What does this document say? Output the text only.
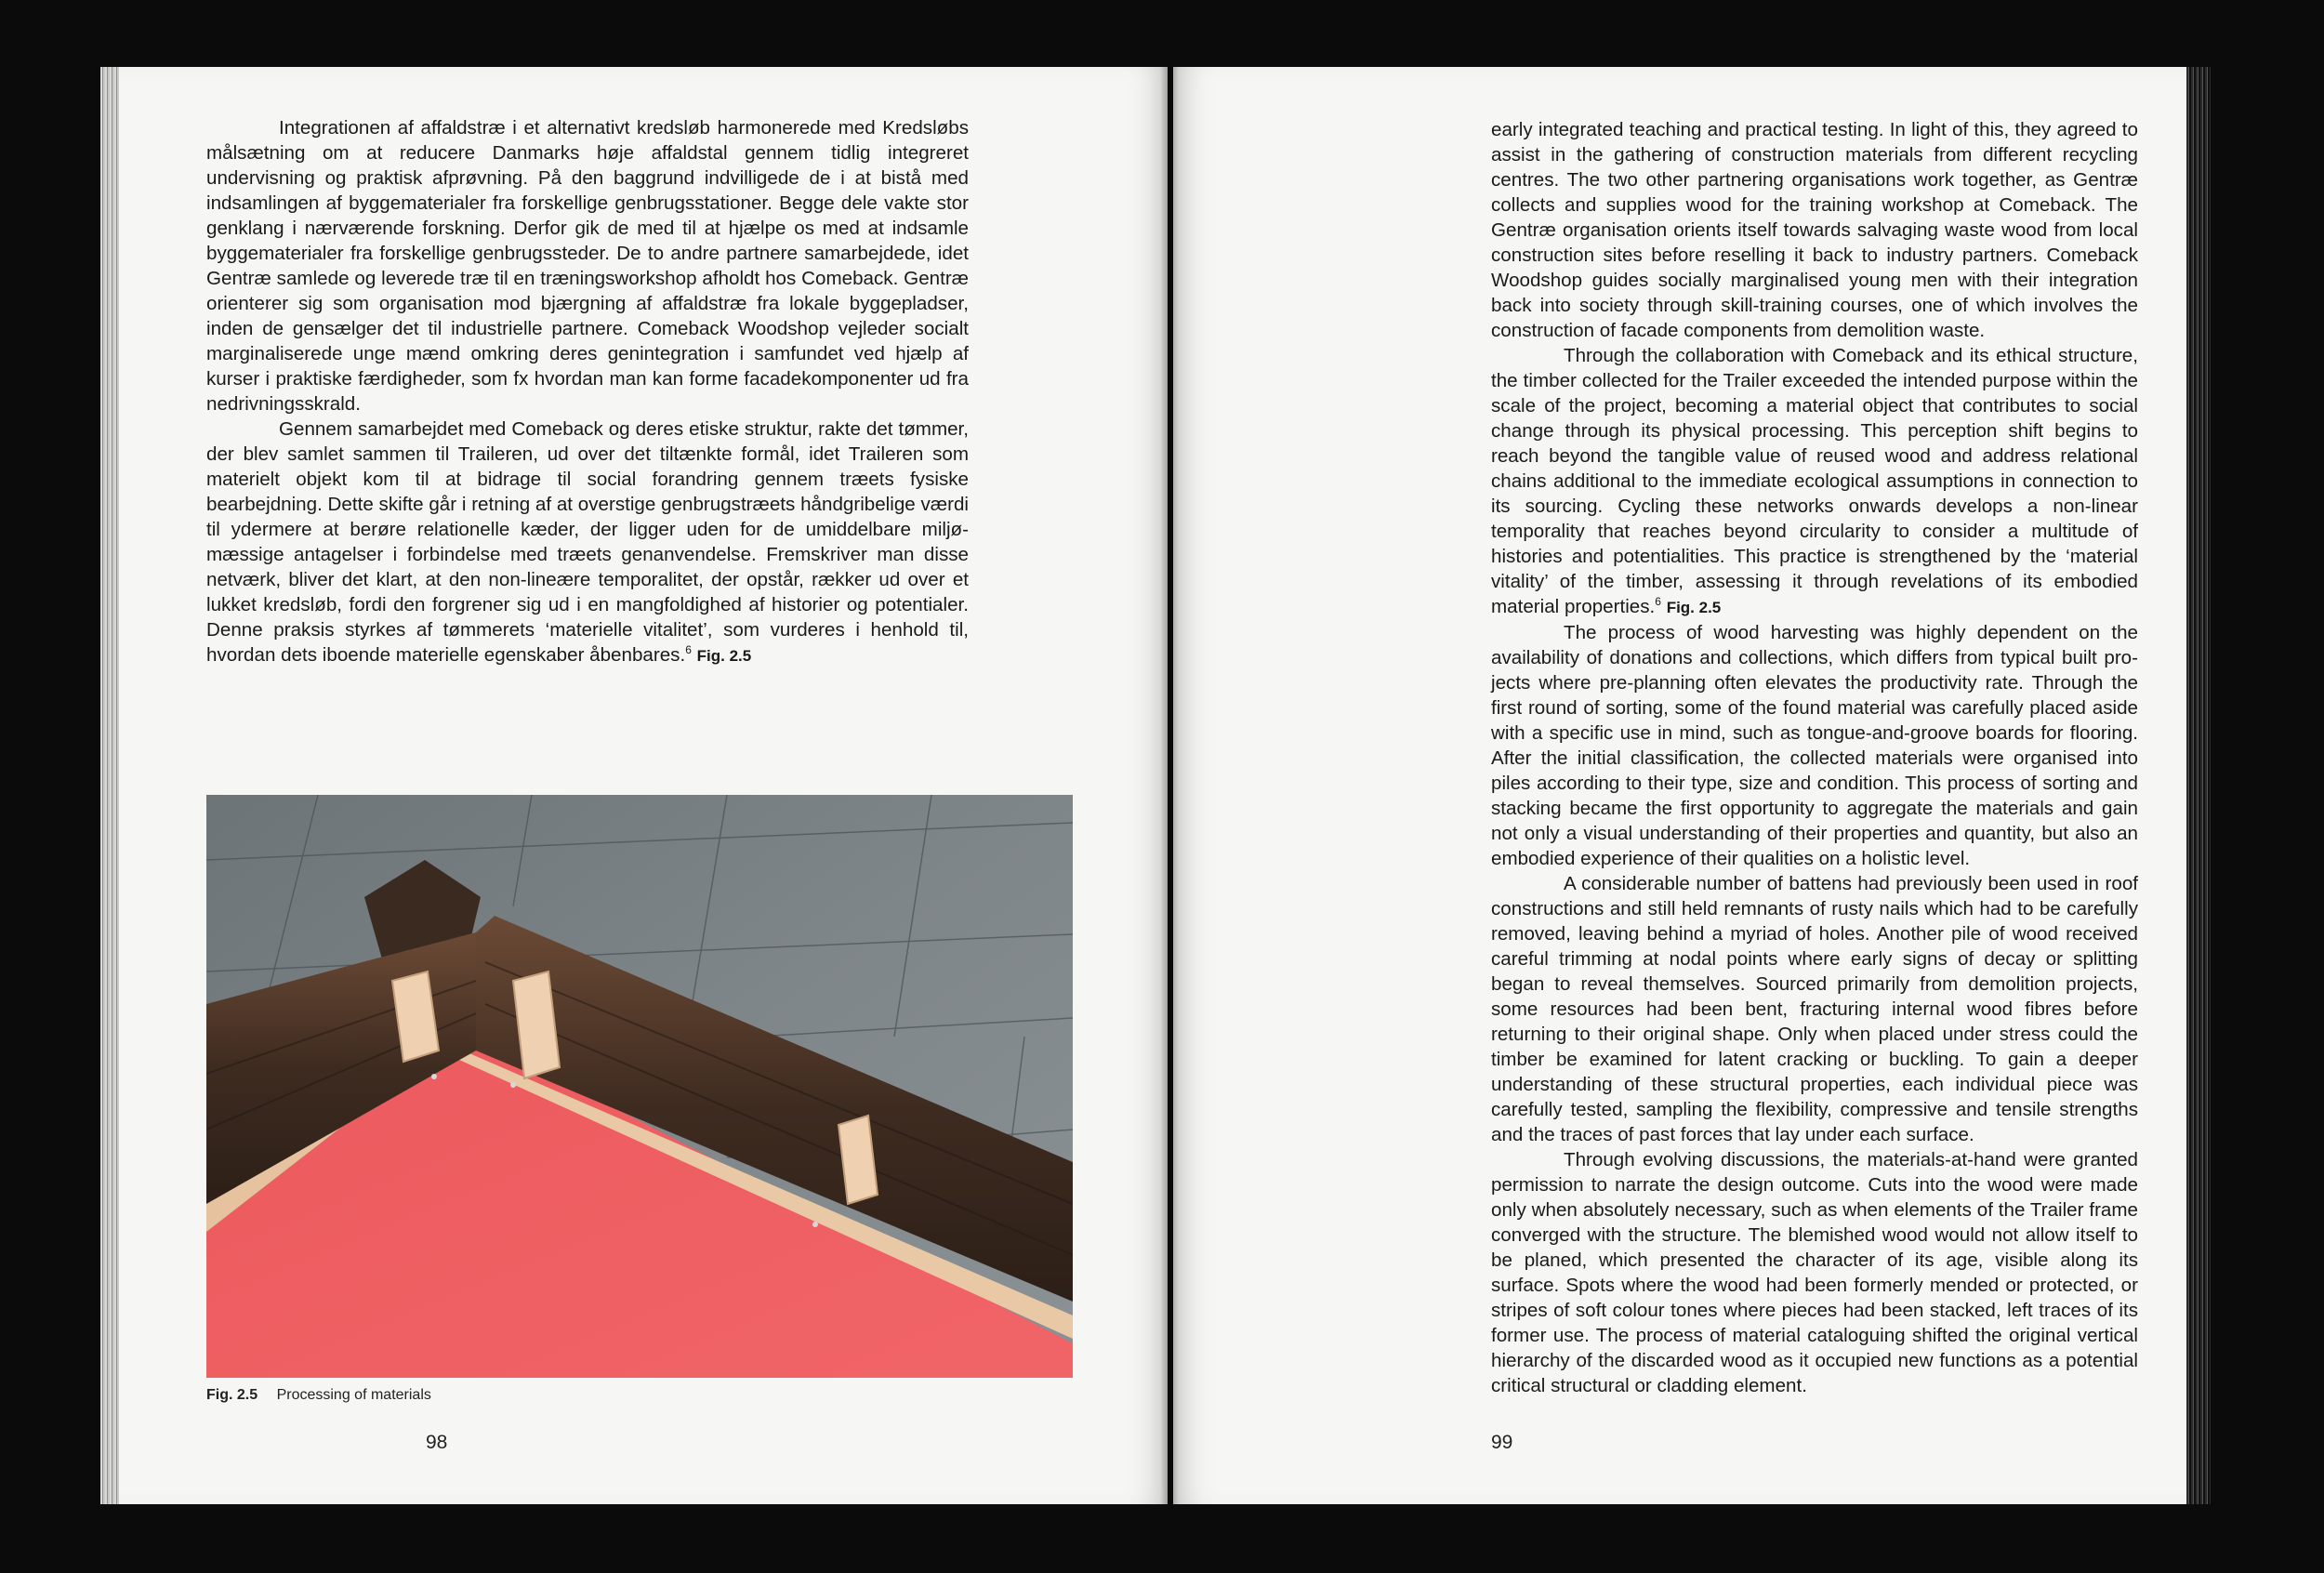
Integrationen af affaldstræ i et alternativt kredsløb harmonerede med Kredsløbs målsætning om at reducere Danmarks høje affaldstal gennem tidlig integreret undervisning og praktisk afprøvning. På den baggrund indvilligede de i at bistå med indsamlingen af byggematerialer fra forskellige genbrugsstationer. Begge dele vakte stor genklang i nærværende forskning. Derfor gik de med til at hjælpe os med at indsamle byggematerialer fra forskellige genbrugssteder. De to andre partnere samarbejdede, idet Gentræ samlede og leverede træ til en træningsworkshop afholdt hos Comeback. Gentræ orienterer sig som organisation mod bjærgning af affaldstræ fra lokale byggepladser, inden de gensælger det til industrielle partnere. Comeback Woodshop vejleder socialt marginaliserede unge mænd omkring deres genintegration i samfundet ved hjælp af kurser i praktiske færdigheder, som fx hvordan man kan forme facadekomponenter ud fra nedrivningsskrald.

Gennem samarbejdet med Comeback og deres etiske struktur, rakte det tømmer, der blev samlet sammen til Traileren, ud over det tiltænkte formål, idet Traileren som materielt objekt kom til at bidrage til social forandring gennem træets fysiske bearbejdning. Dette skifte går i retning af at overstige genbrugstræets håndgribelige værdi til ydermere at berøre relationelle kæder, der ligger uden for de umiddelbare miljømæssige antagelser i forbindelse med træets genanvendelse. Fremskriver man disse netværk, bliver det klart, at den non-lineære temporalitet, der opstår, rækker ud over et lukket kredsløb, fordi den forgrener sig ud i en mangfoldighed af historier og potentialer. Denne praksis styrkes af tømmerets ‘materielle vitalitet’, som vurderes i henhold til, hvordan dets iboende materielle egenskaber åbenbares.$^6$ Fig. 2.5

Fig. 2.5 Processing of materials
98

early integrated teaching and practical testing. In light of this, they agreed to assist in the gathering of construction materials from different recycling centres. The two other partnering organisations work together, as Gentræ collects and supplies wood for the training workshop at Comeback. The Gentræ organisation orients itself towards salvaging waste wood from local construction sites before reselling it back to industry partners. Comeback Woodshop guides socially marginalised young men with their integration back into society through skill-training courses, one of which involves the construction of facade components from demolition waste.

Through the collaboration with Comeback and its ethical structure, the timber collected for the Trailer exceeded the intended purpose within the scale of the project, becoming a material object that contributes to social change through its physical processing. This perception shift begins to reach beyond the tangible value of reused wood and address relational chains additional to the immediate ecological assumptions in connection to its sourcing. Cycling these networks onwards develops a non-linear temporality that reaches beyond circularity to consider a multitude of histories and potentialities. This practice is strengthened by the ‘material vitality’ of the timber, assessing it through revelations of its embodied material properties.$^6$ Fig. 2.5

The process of wood harvesting was highly dependent on the availability of donations and collections, which differs from typical built projects where pre-planning often elevates the productivity rate. Through the first round of sorting, some of the found material was carefully placed aside with a specific use in mind, such as tongue-and-groove boards for flooring. After the initial classification, the collected materials were organised into piles according to their type, size and condition. This process of sorting and stacking became the first opportunity to aggregate the materials and gain not only a visual understanding of their properties and quantity, but also an embodied experience of their qualities on a holistic level.

A considerable number of battens had previously been used in roof constructions and still held remnants of rusty nails which had to be carefully removed, leaving behind a myriad of holes. Another pile of wood received careful trimming at nodal points where early signs of decay or splitting began to reveal themselves. Sourced primarily from demolition projects, some resources had been bent, fracturing internal wood fibres before returning to their original shape. Only when placed under stress could the timber be examined for latent cracking or buckling. To gain a deeper understanding of these structural properties, each individual piece was carefully tested, sampling the flexibility, compressive and tensile strengths and the traces of past forces that lay under each surface.

Through evolving discussions, the materials-at-hand were granted permission to narrate the design outcome. Cuts into the wood were made only when absolutely necessary, such as when elements of the Trailer frame converged with the structure. The blemished wood would not allow itself to be planed, which presented the character of its age, visible along its surface. Spots where the wood had been formerly mended or protected, or stripes of soft colour tones where pieces had been stacked, left traces of its former use. The process of material cataloguing shifted the original vertical hierarchy of the discarded wood as it occupied new functions as a potential critical structural or cladding element.

99
